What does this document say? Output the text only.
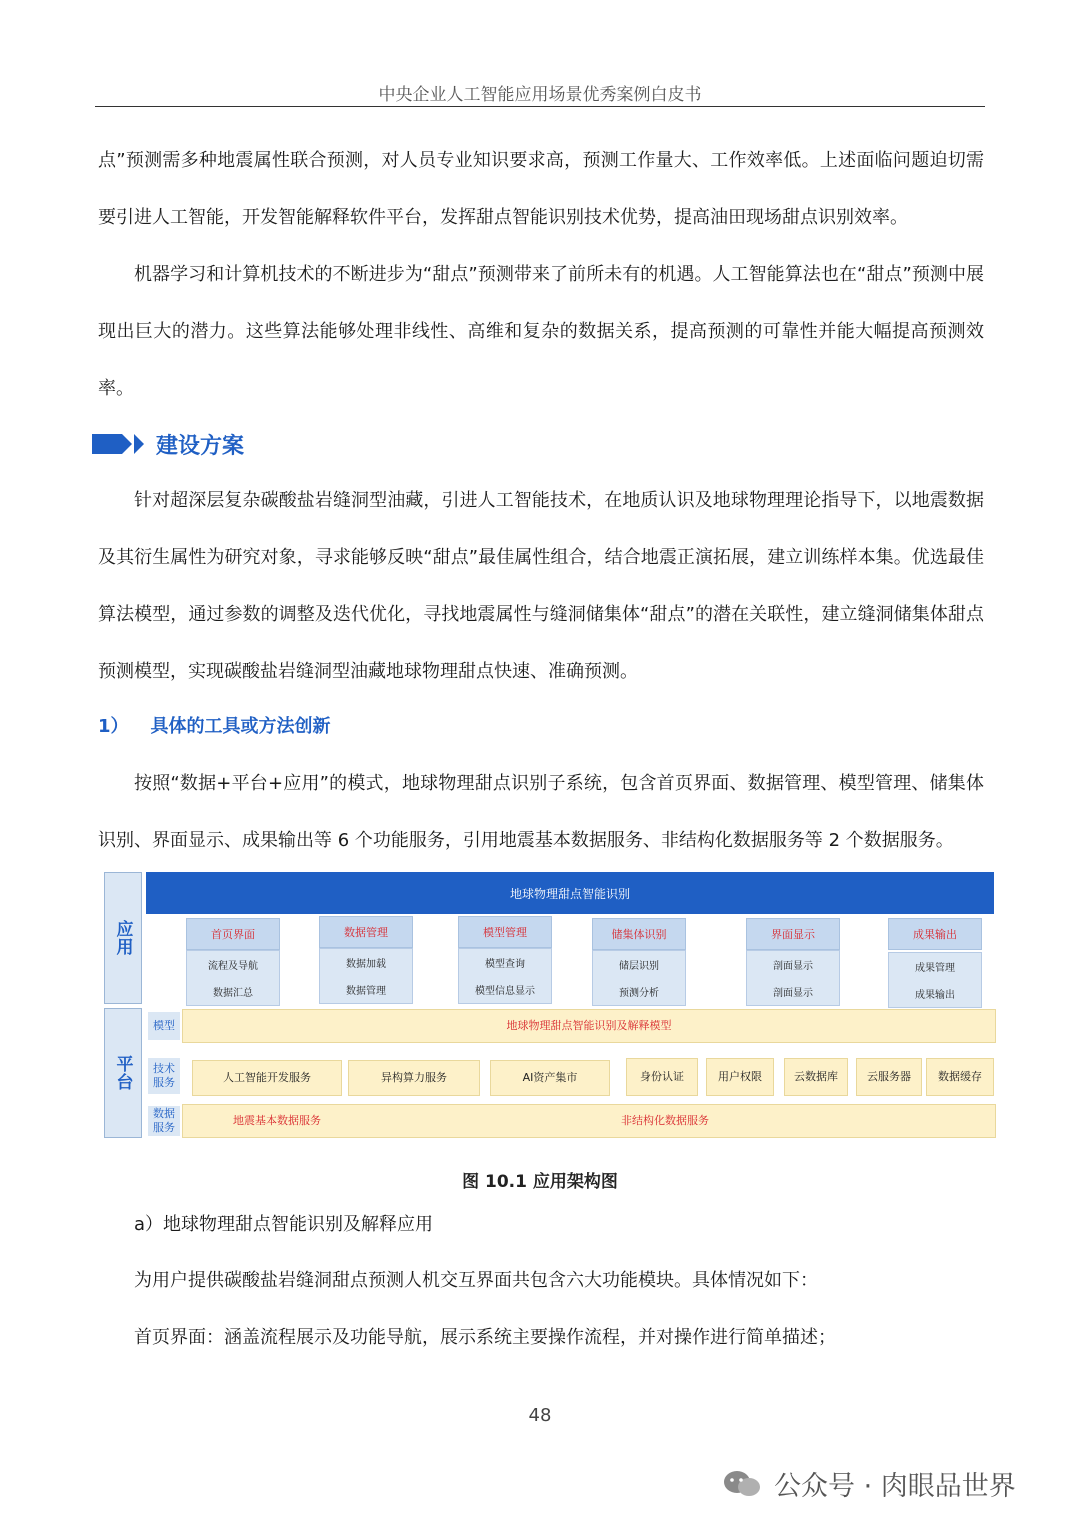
中央企业人工智能应用场景优秀案例白皮书

点”预测需多种地震属性联合预测，对人员专业知识要求高，预测工作量大、工作效率低。上述面临问题迫切需要引进人工智能，开发智能解释软件平台，发挥甜点智能识别技术优势，提高油田现场甜点识别效率。

机器学习和计算机技术的不断进步为“甜点”预测带来了前所未有的机遇。人工智能算法也在“甜点”预测中展现出巨大的潜力。这些算法能够处理非线性、高维和复杂的数据关系，提高预测的可靠性并能大幅提高预测效率。

建设方案

针对超深层复杂碳酸盐岩缝洞型油藏，引进人工智能技术，在地质认识及地球物理理论指导下，以地震数据及其衍生属性为研究对象，寻求能够反映“甜点”最佳属性组合，结合地震正演拓展，建立训练样本集。优选最佳算法模型，通过参数的调整及迭代优化，寻找地震属性与缝洞储集体“甜点”的潜在关联性，建立缝洞储集体甜点预测模型，实现碳酸盐岩缝洞型油藏地球物理甜点快速、准确预测。

1） 具体的工具或方法创新

按照“数据+平台+应用”的模式，地球物理甜点识别子系统，包含首页界面、数据管理、模型管理、储集体识别、界面显示、成果输出等 6 个功能服务，引用地震基本数据服务、非结构化数据服务等 2 个数据服务。

应用
平台
地球物理甜点智能识别
首页界面
流程及导航
数据汇总
数据管理
数据加载
数据管理
模型管理
模型查询
模型信息显示
储集体识别
储层识别
预测分析
界面显示
剖面显示
剖面显示
成果输出
成果管理
成果输出
模型	地球物理甜点智能识别及解释模型
技术服务	人工智能开发服务	异构算力服务	AI资产集市	身份认证	用户权限	云数据库	云服务器	数据缓存
数据服务
地震基本数据服务	非结构化数据服务
图 10.1 应用架构图

a）地球物理甜点智能识别及解释应用

为用户提供碳酸盐岩缝洞甜点预测人机交互界面共包含六大功能模块。具体情况如下：

首页界面：涵盖流程展示及功能导航，展示系统主要操作流程，并对操作进行简单描述；

48
公众号 · 肉眼品世界
